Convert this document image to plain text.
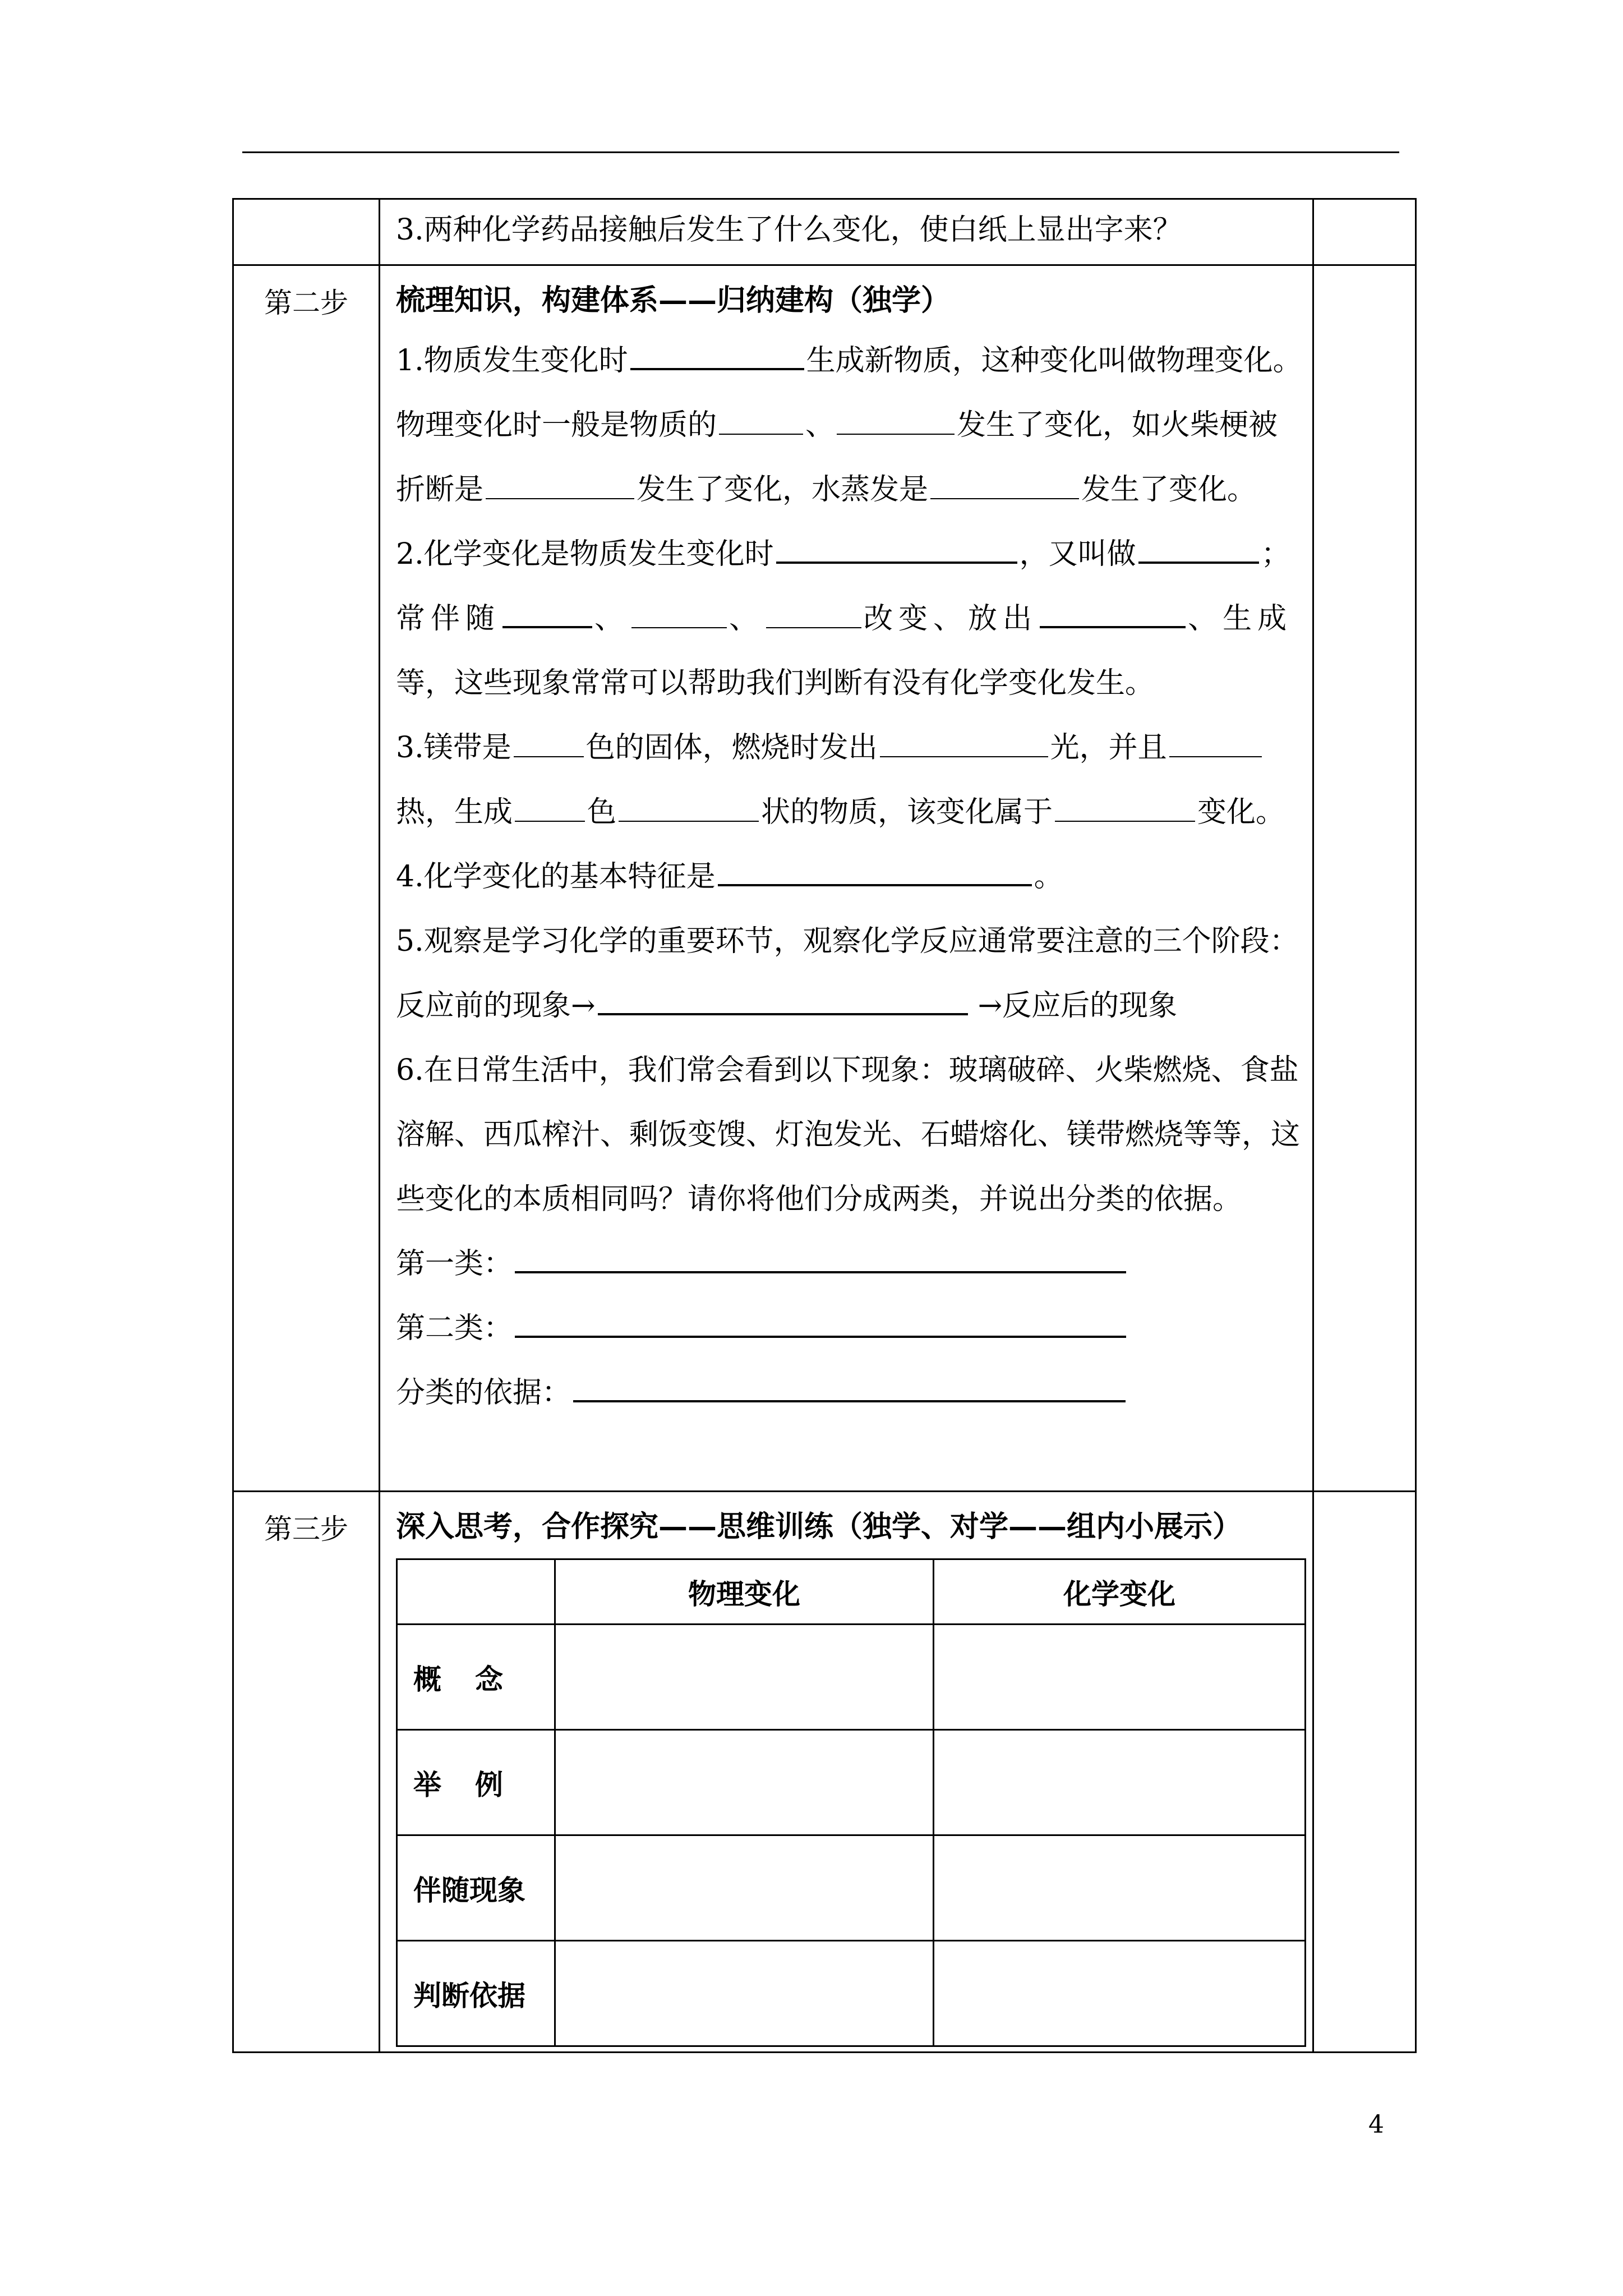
3.两种化学药品接触后发生了什么变化，使白纸上显出字来？

第二步	梳理知识，构建体系——归纳建构（独学）
1.物质发生变化时	生成新物质，这种变化叫做物理变化。
物理变化时一般是物质的	、	发生了变化，如火柴梗被
折断是	发生了变化，水蒸发是	发生了变化。
2.化学变化是物质发生变化时	，又叫做	；
常伴随	、	、	改变、放出	、生成
等，这些现象常常可以帮助我们判断有没有化学变化发生。
3.镁带是	色的固体，燃烧时发出	光，并且
热，生成	色	状的物质，该变化属于	变化。
4.化学变化的基本特征是	。
5.观察是学习化学的重要环节，观察化学反应通常要注意的三个阶段：
反应前的现象→	→反应后的现象
6.在日常生活中，我们常会看到以下现象：玻璃破碎、火柴燃烧、食盐
溶解、西瓜榨汁、剩饭变馊、灯泡发光、石蜡熔化、镁带燃烧等等，这
些变化的本质相同吗？请你将他们分成两类，并说出分类的依据。
第一类：
第二类：
分类的依据：

第三步	深入思考，合作探究——思维训练（独学、对学——组内小展示）
	物理变化	化学变化
概念		
举例		
伴随现象		
判断依据		

4
